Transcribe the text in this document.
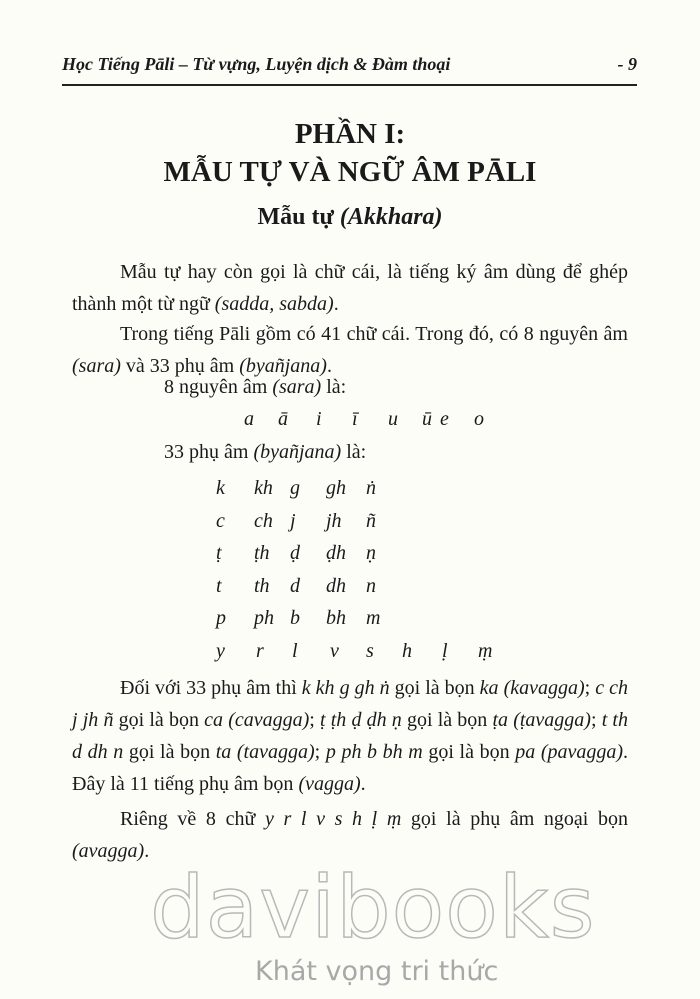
Học Tiếng Pāli – Từ vựng, Luyện dịch & Đàm thoại	- 9
PHẦN I:
MẪU TỰ VÀ NGỮ ÂM PĀLI
Mẫu tự (Akkhara)
Mẫu tự hay còn gọi là chữ cái, là tiếng ký âm dùng để ghép thành một từ ngữ (sadda, sabda).
Trong tiếng Pāli gồm có 41 chữ cái. Trong đó, có 8 nguyên âm (sara) và 33 phụ âm (byañjana).
8 nguyên âm (sara) là:
a ā i ī u ū e o
33 phụ âm (byañjana) là:
k kh g gh ṅ
c ch j jh ñ
ṭ ṭh ḍ ḍh ṇ
t th d dh n
p ph b bh m
y r l v s h ḷ ṃ
Đối với 33 phụ âm thì k kh g gh ṅ gọi là bọn ka (kavagga); c ch j jh ñ gọi là bọn ca (cavagga); ṭ ṭh ḍ ḍh ṇ gọi là bọn ṭa (ṭavagga); t th d dh n gọi là bọn ta (tavagga); p ph b bh m gọi là bọn pa (pavagga). Đây là 11 tiếng phụ âm bọn (vagga).
Riêng về 8 chữ y r l v s h ḷ ṃ gọi là phụ âm ngoại bọn (avagga).
davibooks
Khát vọng tri thức
